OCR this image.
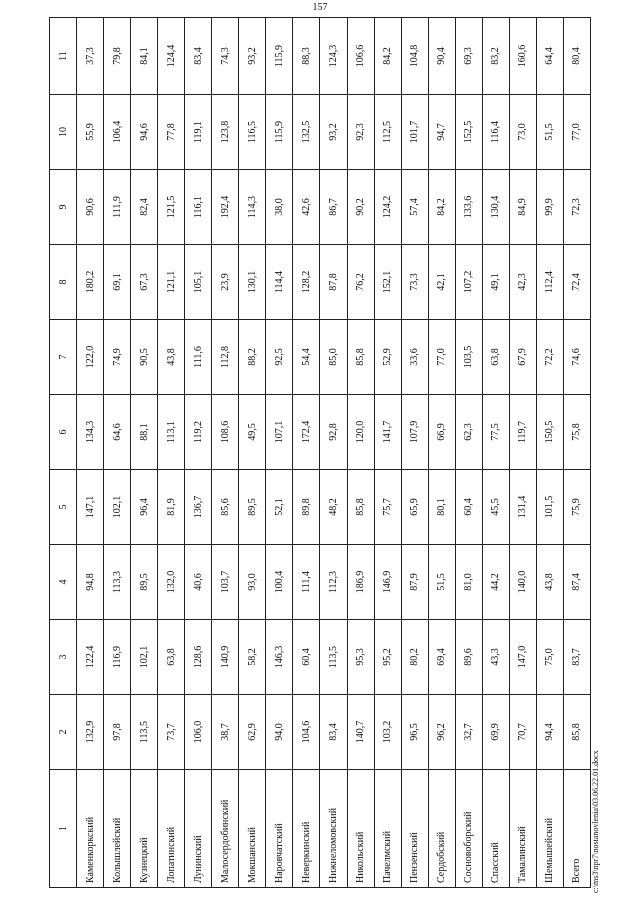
1	2	3	4	5	6	7	8	9	10	11
Каменкоркский	132,9	122,4	94,8	147,1	134,3	122,0	180,2	90,6	55,9	37,3
Колышлейский	97,8	116,9	113,3	102,1	64,6	74,9	69,1	111,9	106,4	79,8
Кузнецкий	113,5	102,1	89,5	96,4	88,1	90,5	67,3	82,4	94,6	84,1
Лопатинский	73,7	63,8	132,0	81,9	113,1	43,8	121,1	121,5	77,8	124,4
Лунинский	106,0	128,6	40,6	136,7	119,2	111,6	105,1	116,1	119,1	83,4
Малосердобинский	38,7	140,9	103,7	85,6	108,6	112,8	23,9	192,4	123,8	74,3
Мокшанский	62,9	58,2	93,0	89,5	49,5	88,2	130,1	114,3	116,5	93,2
Наровчатский	94,0	146,3	100,4	52,1	107,1	92,5	114,4	38,0	115,9	115,9
Неверкинский	104,6	60,4	111,4	89,8	172,4	54,4	128,2	42,6	132,5	88,3
Нижнеломовский	83,4	113,5	112,3	48,2	92,8	85,0	87,8	86,7	93,2	124,3
Никольский	140,7	95,3	186,9	85,8	120,0	85,8	76,2	90,2	92,3	106,6
Пачелмский	103,2	95,2	146,9	75,7	141,7	52,9	152,1	124,2	112,5	84,2
Пензенский	96,5	80,2	87,9	65,9	107,9	33,6	73,3	57,4	101,7	104,8
Сердобский	96,2	69,4	51,5	80,1	66,9	77,0	42,1	84,2	94,7	90,4
Сосновоборский	32,7	89,6	81,0	60,4	62,3	103,5	107,2	133,6	152,5	69,3
Спасский	69,9	43,3	44,2	45,5	77,5	63,8	49,1	130,4	116,4	83,2
Тамалинский	70,7	147,0	140,0	131,4	119,7	67,9	42,3	84,9	73,0	160,6
Шемышейский	94,4	75,0	43,8	101,5	150,5	72,2	112,4	99,9	51,5	64,4
Всего	85,8	83,7	87,4	75,9	75,8	74,6	72,4	72,3	77,0	80,4
157
c:\ms3\npr7\nostanovlenia\03.06.22.01.docx
